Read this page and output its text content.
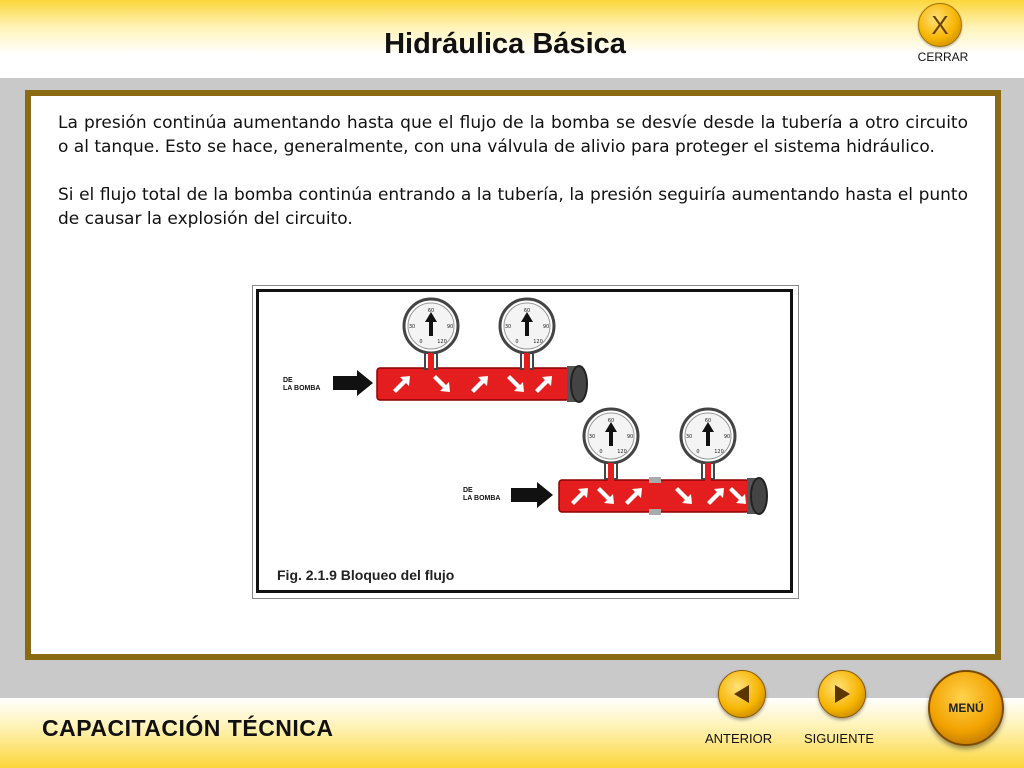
Hidráulica Básica
X
CERRAR

La presión continúa aumentando hasta que el flujo de la bomba se desvíe desde la tubería a otro circuito o al tanque. Esto se hace, generalmente, con una válvula de alivio para proteger el sistema hidráulico.

Si el flujo total de la bomba continúa entrando a la tubería, la presión seguiría aumentando hasta el punto de causar la explosión del circuito.

DE
LA BOMBA
60
30	90
0	120
60
30	90
0	120
DE
LA BOMBA
60
30	90
0	120
60
30	90
0	120
Fig. 2.1.9 Bloqueo del flujo
CAPACITACIÓN TÉCNICA	ANTERIOR SIGUIENTE
MENÚ
